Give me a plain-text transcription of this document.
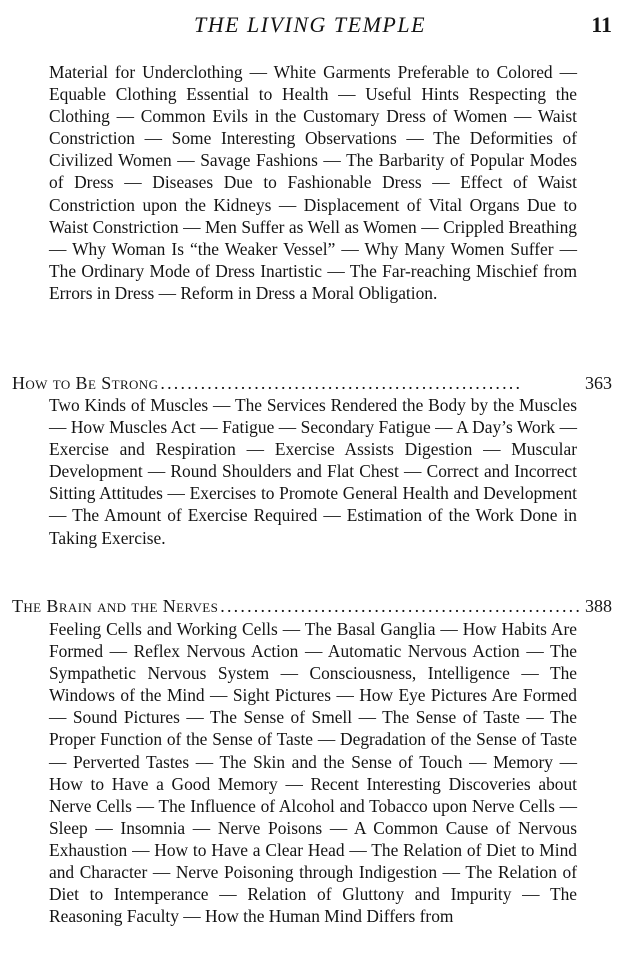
THE LIVING TEMPLE	11

Material for Underclothing — White Garments Preferable to Colored — Equable Clothing Essential to Health — Useful Hints Respecting the Clothing — Common Evils in the Customary Dress of Women — Waist Constriction — Some Interesting Observations — The Deformities of Civilized Women — Savage Fashions — The Barbarity of Popular Modes of Dress — Diseases Due to Fashionable Dress — Effect of Waist Constriction upon the Kidneys — Displacement of Vital Organs Due to Waist Constriction — Men Suffer as Well as Women — Crippled Breathing — Why Woman Is “the Weaker Vessel” — Why Many Women Suffer — The Ordinary Mode of Dress Inartistic — The Far-reaching Mischief from Errors in Dress — Reform in Dress a Moral Obligation.

How to Be Strong ......................................................	363

Two Kinds of Muscles — The Services Rendered the Body by the Muscles — How Muscles Act — Fatigue — Secondary Fatigue — A Day’s Work — Exercise and Respiration — Exercise Assists Digestion — Muscular Development — Round Shoulders and Flat Chest — Correct and Incorrect Sitting Attitudes — Exercises to Promote General Health and Development — The Amount of Exercise Required — Estimation of the Work Done in Taking Exercise.

The Brain and the Nerves ...................................................... 388

Feeling Cells and Working Cells — The Basal Ganglia — How Habits Are Formed — Reflex Nervous Action — Automatic Nervous Action — The Sympathetic Nervous System — Consciousness, Intelligence — The Windows of the Mind — Sight Pictures — How Eye Pictures Are Formed — Sound Pictures — The Sense of Smell — The Sense of Taste — The Proper Function of the Sense of Taste — Degradation of the Sense of Taste — Perverted Tastes — The Skin and the Sense of Touch — Memory — How to Have a Good Memory — Recent Interesting Discoveries about Nerve Cells — The Influence of Alcohol and Tobacco upon Nerve Cells — Sleep — Insomnia — Nerve Poisons — A Common Cause of Nervous Exhaustion — How to Have a Clear Head — The Relation of Diet to Mind and Character — Nerve Poisoning through Indigestion — The Relation of Diet to Intemperance — Relation of Gluttony and Impurity — The Reasoning Faculty — How the Human Mind Differs from
